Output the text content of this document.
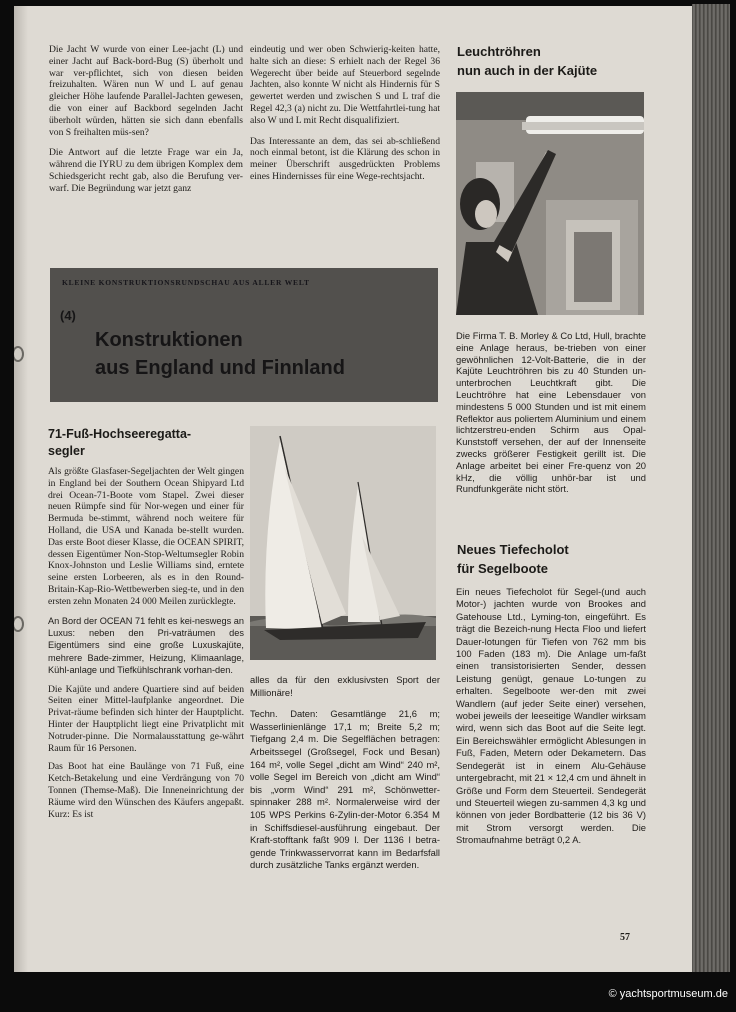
Die Jacht W wurde von einer Lee-jacht (L) und einer Jacht auf Back-bord-Bug (S) überholt und war ver-pflichtet, sich von diesen beiden freizuhalten. Wären nun W und L auf genau gleicher Höhe laufende Parallel-Jachten gewesen, die von einer auf Backbord segelnden Jacht überholt würden, hätten sie sich dann ebenfalls von S freihalten müs-sen?

Die Antwort auf die letzte Frage war ein Ja, während die IYRU zu dem übrigen Komplex dem Schiedsgericht recht gab, also die Berufung ver-warf. Die Begründung war jetzt ganz

eindeutig und wer oben Schwierig-keiten hatte, halte sich an diese: S erhielt nach der Regel 36 Wegerecht über beide auf Steuerbord segelnde Jachten, also konnte W nicht als Hindernis für S gewertet werden und zwischen S und L traf die Regel 42,3 (a) nicht zu. Die Wettfahrtlei-tung hat also W und L mit Recht disqualifiziert.

Das Interessante an dem, das sei ab-schließend noch einmal betont, ist die Klärung des schon in meiner Überschrift ausgedrückten Problems eines Hindernisses für eine Wege-rechtsjacht.

Leuchtröhren
nun auch in der Kajüte

Die Firma T. B. Morley & Co Ltd, Hull, brachte eine Anlage heraus, be-trieben von einer gewöhnlichen 12-Volt-Batterie, die in der Kajüte Leuchtröhren bis zu 40 Stunden un-unterbrochen Leuchtkraft gibt. Die Leuchtröhre hat eine Lebensdauer von mindestens 5 000 Stunden und ist mit einem Reflektor aus poliertem Aluminium und einem lichtzerstreu-enden Schirm aus Opal-Kunststoff versehen, der auf der Innenseite zwecks größerer Festigkeit gerillt ist. Die Anlage arbeitet bei einer Fre-quenz von 20 kHz, die völlig unhör-bar ist und Rundfunkgeräte nicht stört.

Neues Tiefecholot
für Segelboote

Ein neues Tiefecholot für Segel-(und auch Motor-) jachten wurde von Brookes and Gatehouse Ltd., Lyming-ton, eingeführt. Es trägt die Bezeich-nung Hecta Floo und liefert Dauer-lotungen für Tiefen von 762 mm bis 100 Faden (183 m). Die Anlage um-faßt einen transistorisierten Sender, dessen Leistung genügt, genaue Lo-tungen zu erhalten. Segelboote wer-den mit zwei Wandlern (auf jeder Seite einer) versehen, wobei jeweils der leeseitige Wandler wirksam wird, wenn sich das Boot auf die Seite legt. Ein Bereichswähler ermöglicht Ablesungen in Fuß, Faden, Metern oder Dekametern. Das Sendegerät ist in einem Alu-Gehäuse untergebracht, mit 21 × 12,4 cm und ähnelt in Größe und Form dem Steuerteil. Sendegerät und Steuerteil wiegen zu-sammen 4,3 kg und können von jeder Bordbatterie (12 bis 36 V) mit Strom versorgt werden. Die Stromaufnahme beträgt 0,2 A.

KLEINE KONSTRUKTIONSRUNDSCHAU AUS ALLER WELT
(4)
Konstruktionen
aus England und Finnland
71-Fuß-Hochseeregatta-
segler

Als größte Glasfaser-Segeljachten der Welt gingen in England bei der Southern Ocean Shipyard Ltd drei Ocean-71-Boote vom Stapel. Zwei dieser neuen Rümpfe sind für Nor-wegen und einer für Bermuda be-stimmt, während noch weitere für Holland, die USA und Kanada be-stellt wurden. Das erste Boot dieser Klasse, die OCEAN SPIRIT, dessen Eigentümer Non-Stop-Weltumsegler Robin Knox-Johnston und Leslie Williams sind, erntete seine ersten Lorbeeren, als es in den Round-Britain-Kap-Rio-Wettbewerben sieg-te, und in den ersten zehn Monaten 24 000 Meilen zurücklegte.

An Bord der OCEAN 71 fehlt es kei-neswegs an Luxus: neben den Pri-vaträumen des Eigentümers sind eine große Luxuskajüte, mehrere Bade-zimmer, Heizung, Klimaanlage, Kühl-anlage und Tiefkühlschrank vorhan-den.

Die Kajüte und andere Quartiere sind auf beiden Seiten einer Mittel-laufplanke angeordnet. Die Privat-räume befinden sich hinter der Hauptplicht. Hinter der Hauptplicht liegt eine Privatplicht mit Notruder-pinne. Die Normalausstattung ge-währt Raum für 16 Personen.

Das Boot hat eine Baulänge von 71 Fuß, eine Ketch-Betakelung und eine Verdrängung von 70 Tonnen (Themse-Maß). Die Inneneinrichtung der Räume wird den Wünschen des Käufers angepaßt. Kurz: Es ist

alles da für den exklusivsten Sport der Millionäre!

Techn. Daten: Gesamtlänge 21,6 m; Wasserlinienlänge 17,1 m; Breite 5,2 m; Tiefgang 2,4 m. Die Segelflächen betragen: Arbeitssegel (Großsegel, Fock und Besan) 164 m², volle Segel „dicht am Wind“ 240 m², volle Segel im Bereich von „dicht am Wind“ bis „vorm Wind“ 291 m², Schönwetter-spinnaker 288 m². Normalerweise wird der 105 WPS Perkins 6-Zylin-der-Motor 6.354 M in Schiffsdiesel-ausführung eingebaut. Der Kraft-stofftank faßt 909 l. Der 1136 l betra-gende Trinkwasservorrat kann im Bedarfsfall durch zusätzliche Tanks ergänzt werden.

57
© yachtsportmuseum.de
